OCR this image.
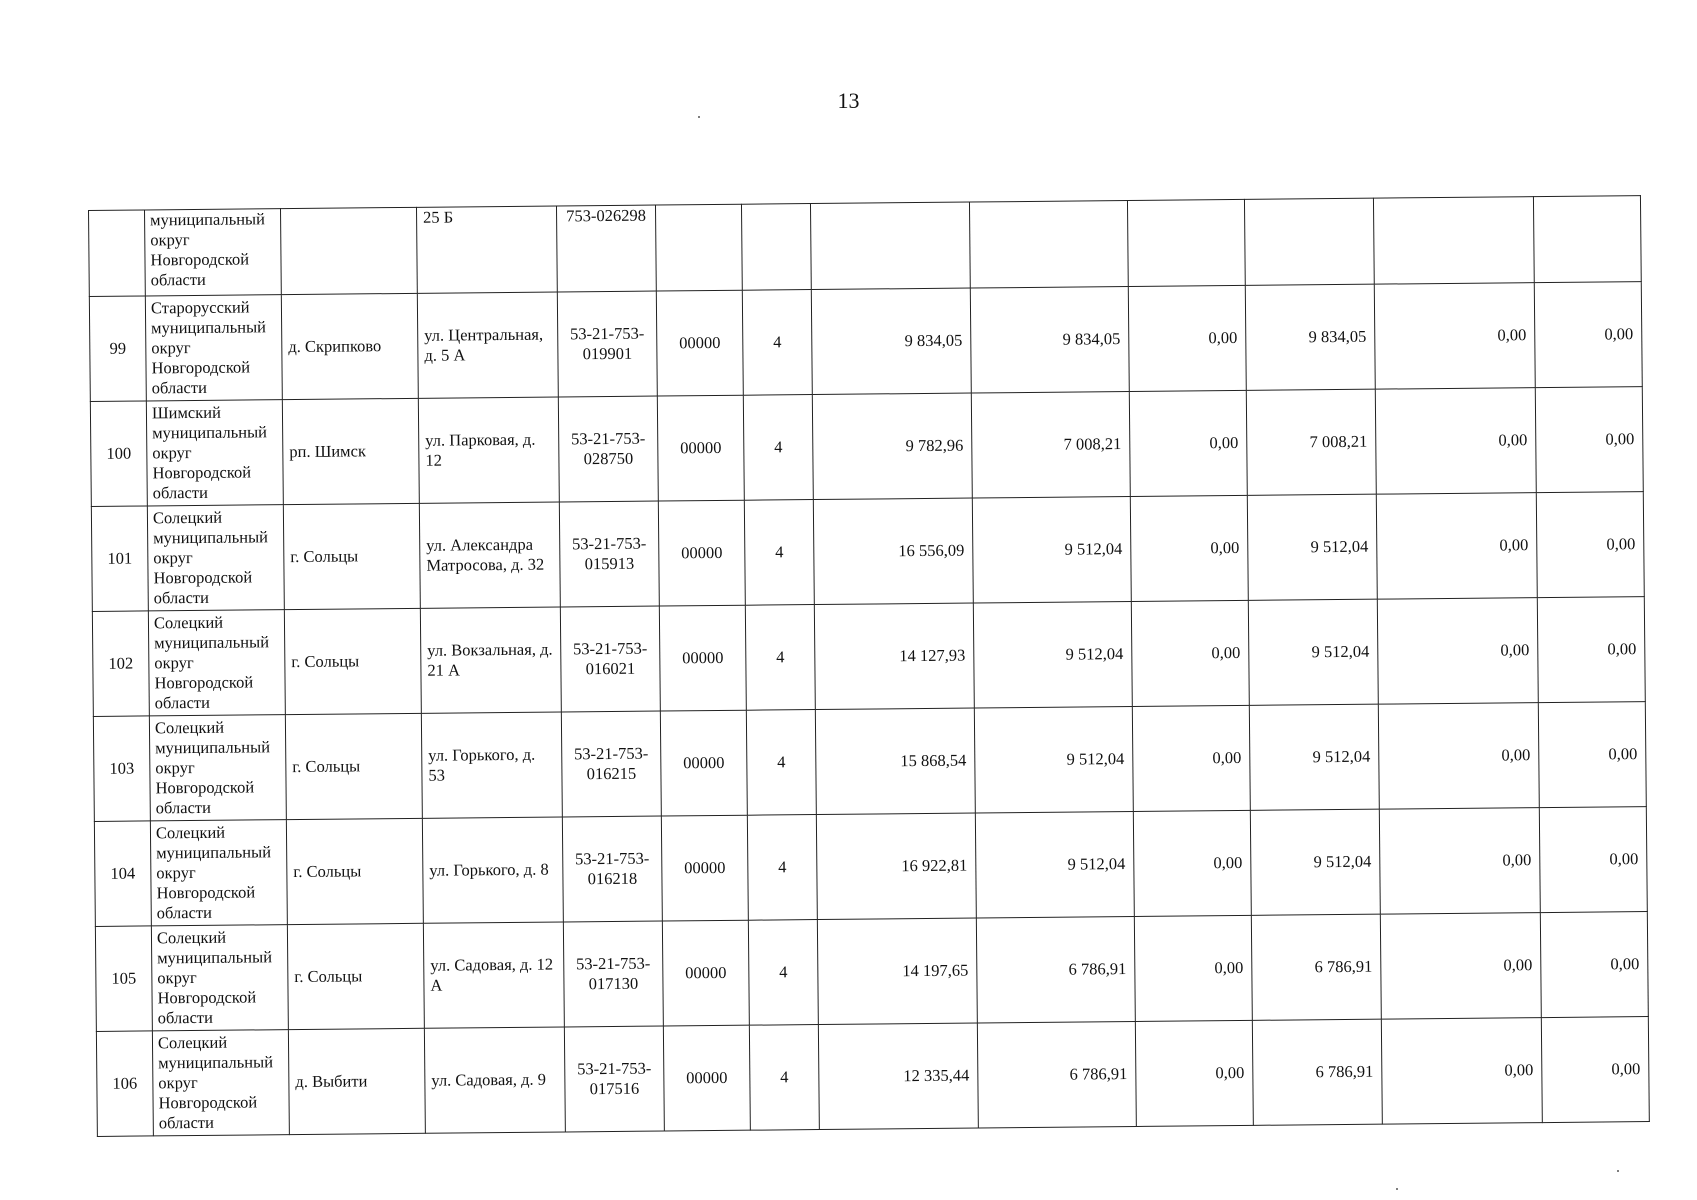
13
	муниципальный округ Новгородской области		25 Б	753-026298								
99	Старорусский муниципальный округ Новгородской области	д. Скрипково	ул. Центральная, д. 5 А	53-21-753-019901	00000	4	9 834,05	9 834,05	0,00	9 834,05	0,00	0,00
100	Шимский муниципальный округ Новгородской области	рп. Шимск	ул. Парковая, д. 12	53-21-753-028750	00000	4	9 782,96	7 008,21	0,00	7 008,21	0,00	0,00
101	Солецкий муниципальный округ Новгородской области	г. Сольцы	ул. Александра Матросова, д. 32	53-21-753-015913	00000	4	16 556,09	9 512,04	0,00	9 512,04	0,00	0,00
102	Солецкий муниципальный округ Новгородской области	г. Сольцы	ул. Вокзальная, д. 21 А	53-21-753-016021	00000	4	14 127,93	9 512,04	0,00	9 512,04	0,00	0,00
103	Солецкий муниципальный округ Новгородской области	г. Сольцы	ул. Горького, д. 53	53-21-753-016215	00000	4	15 868,54	9 512,04	0,00	9 512,04	0,00	0,00
104	Солецкий муниципальный округ Новгородской области	г. Сольцы	ул. Горького, д. 8	53-21-753-016218	00000	4	16 922,81	9 512,04	0,00	9 512,04	0,00	0,00
105	Солецкий муниципальный округ Новгородской области	г. Сольцы	ул. Садовая, д. 12 А	53-21-753-017130	00000	4	14 197,65	6 786,91	0,00	6 786,91	0,00	0,00
106	Солецкий муниципальный округ Новгородской области	д. Выбити	ул. Садовая, д. 9	53-21-753-017516	00000	4	12 335,44	6 786,91	0,00	6 786,91	0,00	0,00
